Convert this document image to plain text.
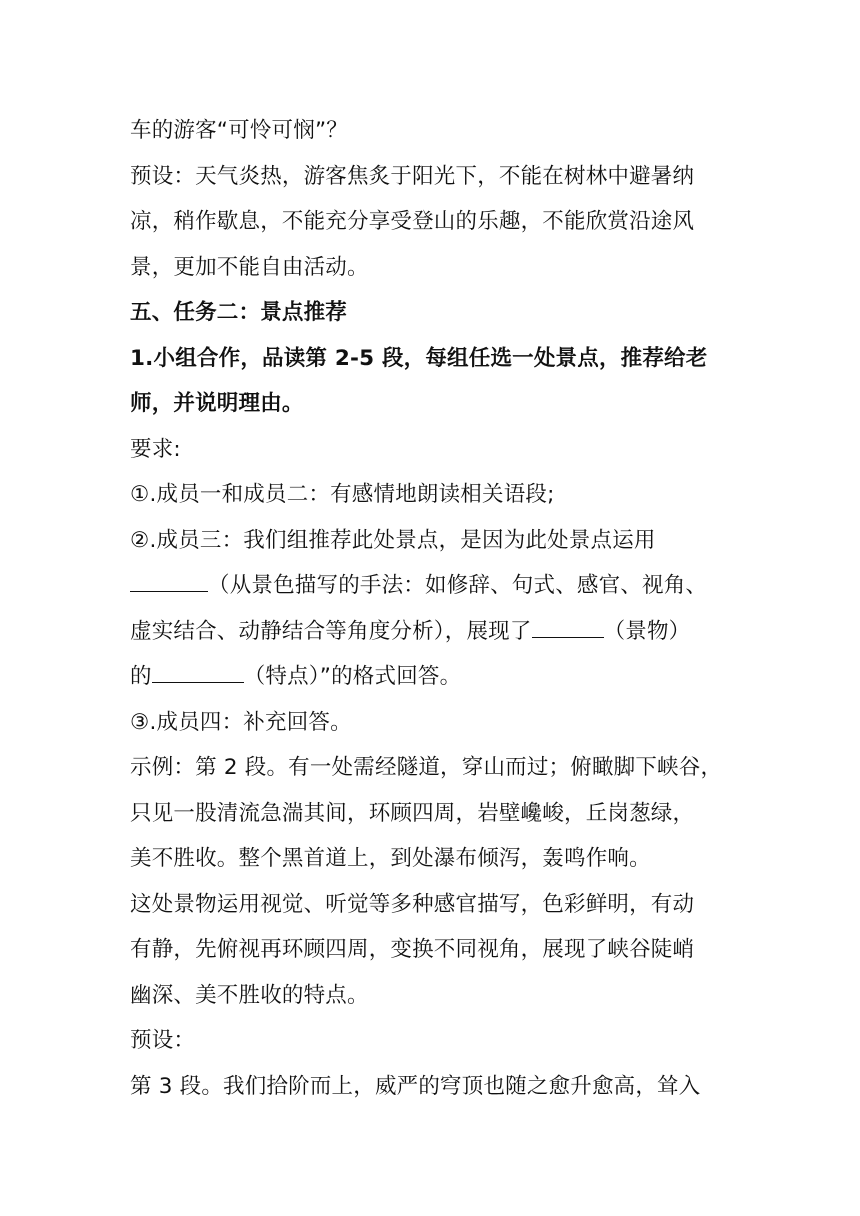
车的游客“可怜可悯”？
预设：天气炎热，游客焦炙于阳光下，不能在树林中避暑纳
凉，稍作歇息，不能充分享受登山的乐趣，不能欣赏沿途风
景，更加不能自由活动。
五、任务二：景点推荐
1.小组合作，品读第 2-5 段，每组任选一处景点，推荐给老
师，并说明理由。
要求:
①.成员一和成员二：有感情地朗读相关语段;
②.成员三：我们组推荐此处景点，是因为此处景点运用
（从景色描写的手法：如修辞、句式、感官、视角、
虚实结合、动静结合等角度分析），展现了	（景物）
的	（特点）”的格式回答。
③.成员四：补充回答。
示例：第 2 段。有一处需经隧道，穿山而过；俯瞰脚下峡谷，
只见一股清流急湍其间，环顾四周，岩壁巉峻，丘岗葱绿，
美不胜收。整个黑首道上，到处瀑布倾泻，轰鸣作响。
这处景物运用视觉、听觉等多种感官描写，色彩鲜明，有动
有静，先俯视再环顾四周，变换不同视角，展现了峡谷陡峭
幽深、美不胜收的特点。
预设：
第 3 段。我们拾阶而上，威严的穹顶也随之愈升愈高，耸入
